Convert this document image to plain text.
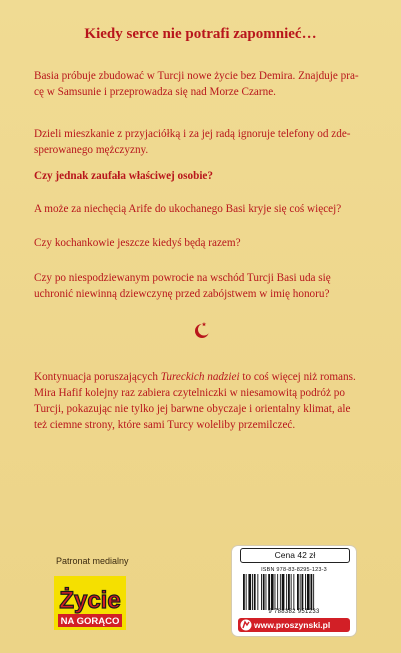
Kiedy serce nie potrafi zapomnieć…
Basia próbuje zbudować w Turcji nowe życie bez Demira. Znajduje pra-
cę w Samsunie i przeprowadza się nad Morze Czarne.
Dzieli mieszkanie z przyjaciółką i za jej radą ignoruje telefony od zde-
sperowanego mężczyzny.
Czy jednak zaufała właściwej osobie?
A może za niechęcią Arife do ukochanego Basi kryje się coś więcej?
Czy kochankowie jeszcze kiedyś będą razem?
Czy po niespodziewanym powrocie na wschód Turcji Basi uda się
uchronić niewinną dziewczynę przed zabójstwem w imię honoru?
Kontynuacja poruszających Tureckich nadziei to coś więcej niż romans.
Mira Hafif kolejny raz zabiera czytelniczki w niesamowitą podróż po
Turcji, pokazując nie tylko jej barwne obyczaje i orientalny klimat, ale
też ciemne strony, które sami Turcy woleliby przemilczeć.
Patronat medialny
Życie
NA GORĄCO
Cena 42 zł
ISBN 978-83-8295-123-3
9 788382 951233
www.proszynski.pl
